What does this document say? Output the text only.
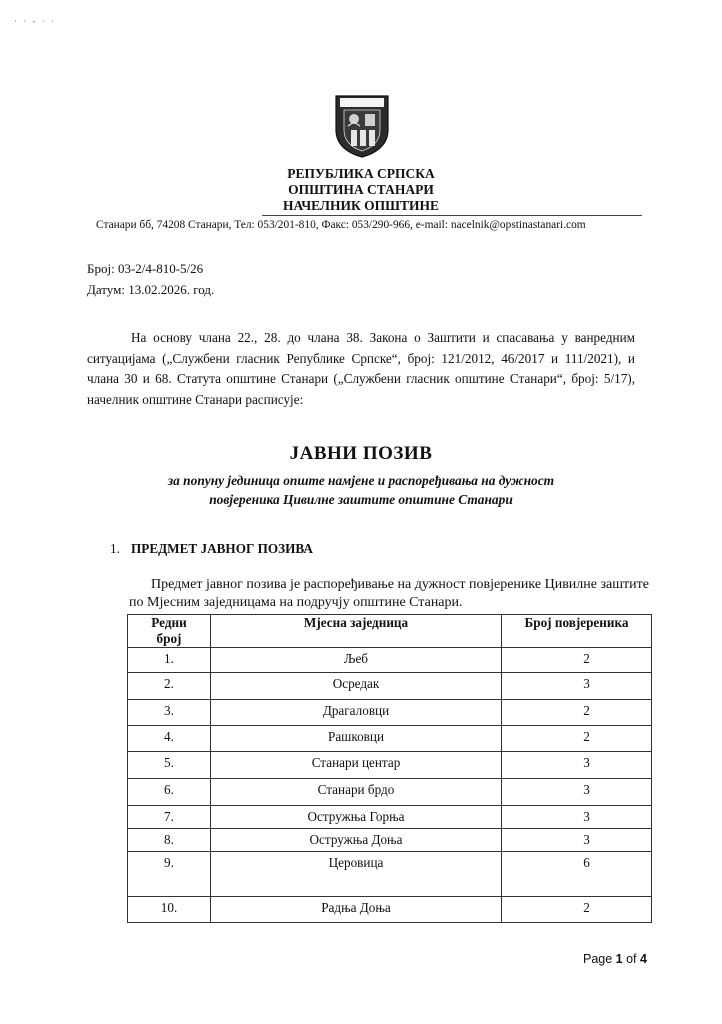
· · - · ·
РЕПУБЛИКА СРПСКА
ОПШТИНА СТАНАРИ
НАЧЕЛНИК ОПШТИНЕ
Станари бб, 74208 Станари, Тел: 053/201-810, Факс: 053/290-966, e-mail: nacelnik@opstinastanari.com
Број: 03-2/4-810-5/26
Датум: 13.02.2026. год.
На основу члана 22., 28. до члана 38. Закона о Заштити и спасавања у ванредним ситуацијама („Службени гласник Републике Српске“, број: 121/2012, 46/2017 и 111/2021), и члана 30 и 68. Статута општине Станари („Службени гласник општине Станари“, број: 5/17), начелник општине Станари расписује:
ЈАВНИ ПОЗИВ
за попуну јединица опште намјене и распоређивања на дужност
повјереника Цивилне заштите општине Станари
1. ПРЕДМЕТ ЈАВНОГ ПОЗИВА
Предмет јавног позива је распоређивање на дужност повјеренике Цивилне заштите по Мјесним заједницама на подручју општине Станари.
Редни
број	Мјесна заједница	Број повјереника
1.	Љеб	2
2.	Осредак	3
3.	Драгаловци	2
4.	Рашковци	2
5.	Станари центар	3
6.	Станари брдо	3
7.	Остружња Горња	3
8.	Остружња Доња	3
9.	Церовица	6
10.	Радња Доња	2
Page 1 of 4
